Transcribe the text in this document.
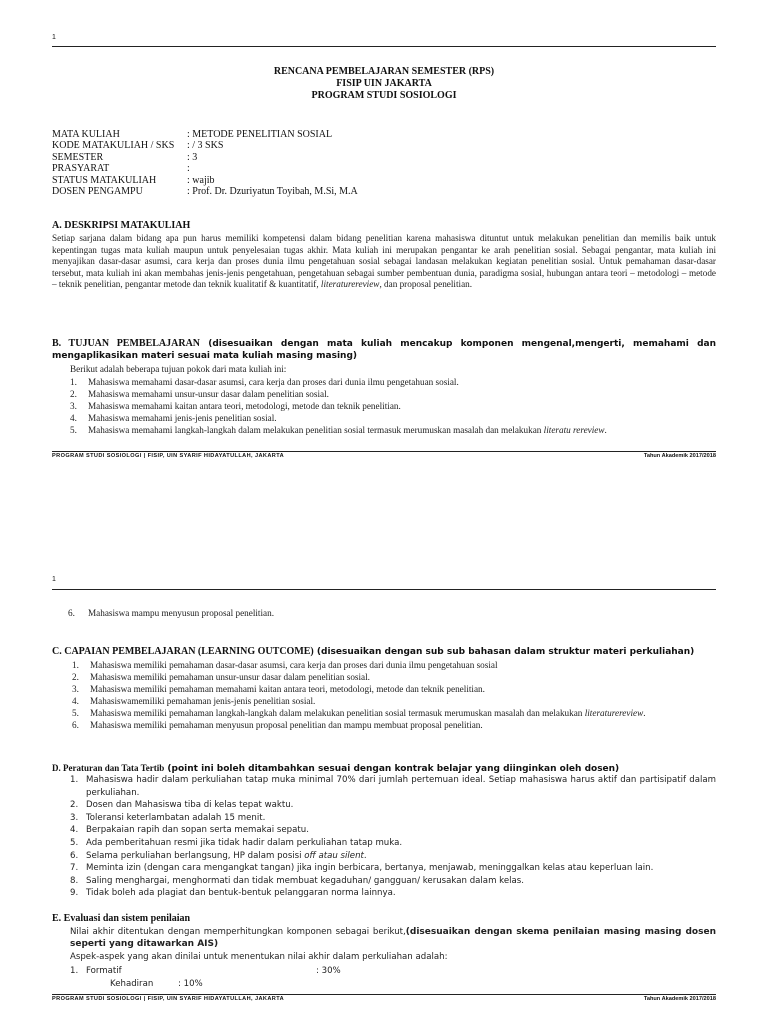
1
RENCANA PEMBELAJARAN SEMESTER (RPS)
FISIP UIN JAKARTA
PROGRAM STUDI SOSIOLOGI
MATA KULIAH	: METODE PENELITIAN SOSIAL
KODE MATAKULIAH / SKS	: / 3 SKS
SEMESTER	: 3
PRASYARAT	:
STATUS MATAKULIAH	: wajib
DOSEN PENGAMPU	: Prof. Dr. Dzuriyatun Toyibah, M.Si, M.A
A. DESKRIPSI MATAKULIAH
Setiap sarjana dalam bidang apa pun harus memiliki kompetensi dalam bidang penelitian karena mahasiswa dituntut untuk melakukan penelitian dan memilis baik untuk kepentingan tugas mata kuliah maupun untuk penyelesaian tugas akhir. Mata kuliah ini merupakan pengantar ke arah penelitian sosial. Sebagai pengantar, mata kuliah ini menyajikan dasar-dasar asumsi, cara kerja dan proses dunia ilmu pengetahuan sosial sebagai landasan melakukan kegiatan penelitian sosial. Untuk pemahaman dasar-dasar tersebut, mata kuliah ini akan membahas jenis-jenis pengetahuan, pengetahuan sebagai sumber pembentuan dunia, paradigma sosial, hubungan antara teori – metodologi – metode – teknik penelitian, pengantar metode dan teknik kualitatif & kuantitatif, literaturereview, dan proposal penelitian.
B. TUJUAN PEMBELAJARAN (disesuaikan dengan mata kuliah mencakup komponen mengenal,mengerti, memahami dan mengaplikasikan materi sesuai mata kuliah masing masing)
Berikut adalah beberapa tujuan pokok dari mata kuliah ini:
1.	Mahasiswa memahami dasar-dasar asumsi, cara kerja dan proses dari dunia ilmu pengetahuan sosial.
2.	Mahasiswa memahami unsur-unsur dasar dalam penelitian sosial.
3.	Mahasiswa memahami kaitan antara teori, metodologi, metode dan teknik penelitian.
4.	Mahasiswa memahami jenis-jenis penelitian sosial.
5.	Mahasiswa memahami langkah-langkah dalam melakukan penelitian sosial termasuk merumuskan masalah dan melakukan literatu rereview.
PROGRAM STUDI SOSIOLOGI | FISIP, UIN SYARIF HIDAYATULLAH, JAKARTA	Tahun Akademik 2017/2018
1
6.	Mahasiswa mampu menyusun proposal penelitian.
C. CAPAIAN PEMBELAJARAN (LEARNING OUTCOME) (disesuaikan dengan sub sub bahasan dalam struktur materi perkuliahan)
1.	Mahasiswa memiliki pemahaman dasar-dasar asumsi, cara kerja dan proses dari dunia ilmu pengetahuan sosial
2.	Mahasiswa memiliki pemahaman unsur-unsur dasar dalam penelitian sosial.
3.	Mahasiswa memiliki pemahaman memahami kaitan antara teori, metodologi, metode dan teknik penelitian.
4.	Mahasiswamemiliki pemahaman jenis-jenis penelitian sosial.
5.	Mahasiswa memiliki pemahaman langkah-langkah dalam melakukan penelitian sosial termasuk merumuskan masalah dan melakukan literaturereview.
6.	Mahasiswa memiliki pemahaman menyusun proposal penelitian dan mampu membuat proposal penelitian.
D. Peraturan dan Tata Tertib (point ini boleh ditambahkan sesuai dengan kontrak belajar yang diinginkan oleh dosen)
1. Mahasiswa hadir dalam perkuliahan tatap muka minimal 70% dari jumlah pertemuan ideal. Setiap mahasiswa harus aktif dan partisipatif dalam perkuliahan.
2. Dosen dan Mahasiswa tiba di kelas tepat waktu.
3. Toleransi keterlambatan adalah 15 menit.
4. Berpakaian rapih dan sopan serta memakai sepatu.
5. Ada pemberitahuan resmi jika tidak hadir dalam perkuliahan tatap muka.
6. Selama perkuliahan berlangsung, HP dalam posisi off atau silent.
7. Meminta izin (dengan cara mengangkat tangan) jika ingin berbicara, bertanya, menjawab, meninggalkan kelas atau keperluan lain.
8. Saling menghargai, menghormati dan tidak membuat kegaduhan/ gangguan/ kerusakan dalam kelas.
9. Tidak boleh ada plagiat dan bentuk-bentuk pelanggaran norma lainnya.
E. Evaluasi dan sistem penilaian
Nilai akhir ditentukan dengan memperhitungkan komponen sebagai berikut,(disesuaikan dengan skema penilaian masing masing dosen seperti yang ditawarkan AIS)
Aspek-aspek yang akan dinilai untuk menentukan nilai akhir dalam perkuliahan adalah:
1. Formatif	: 30%
Kehadiran	: 10%
PROGRAM STUDI SOSIOLOGI | FISIP, UIN SYARIF HIDAYATULLAH, JAKARTA	Tahun Akademik 2017/2018
